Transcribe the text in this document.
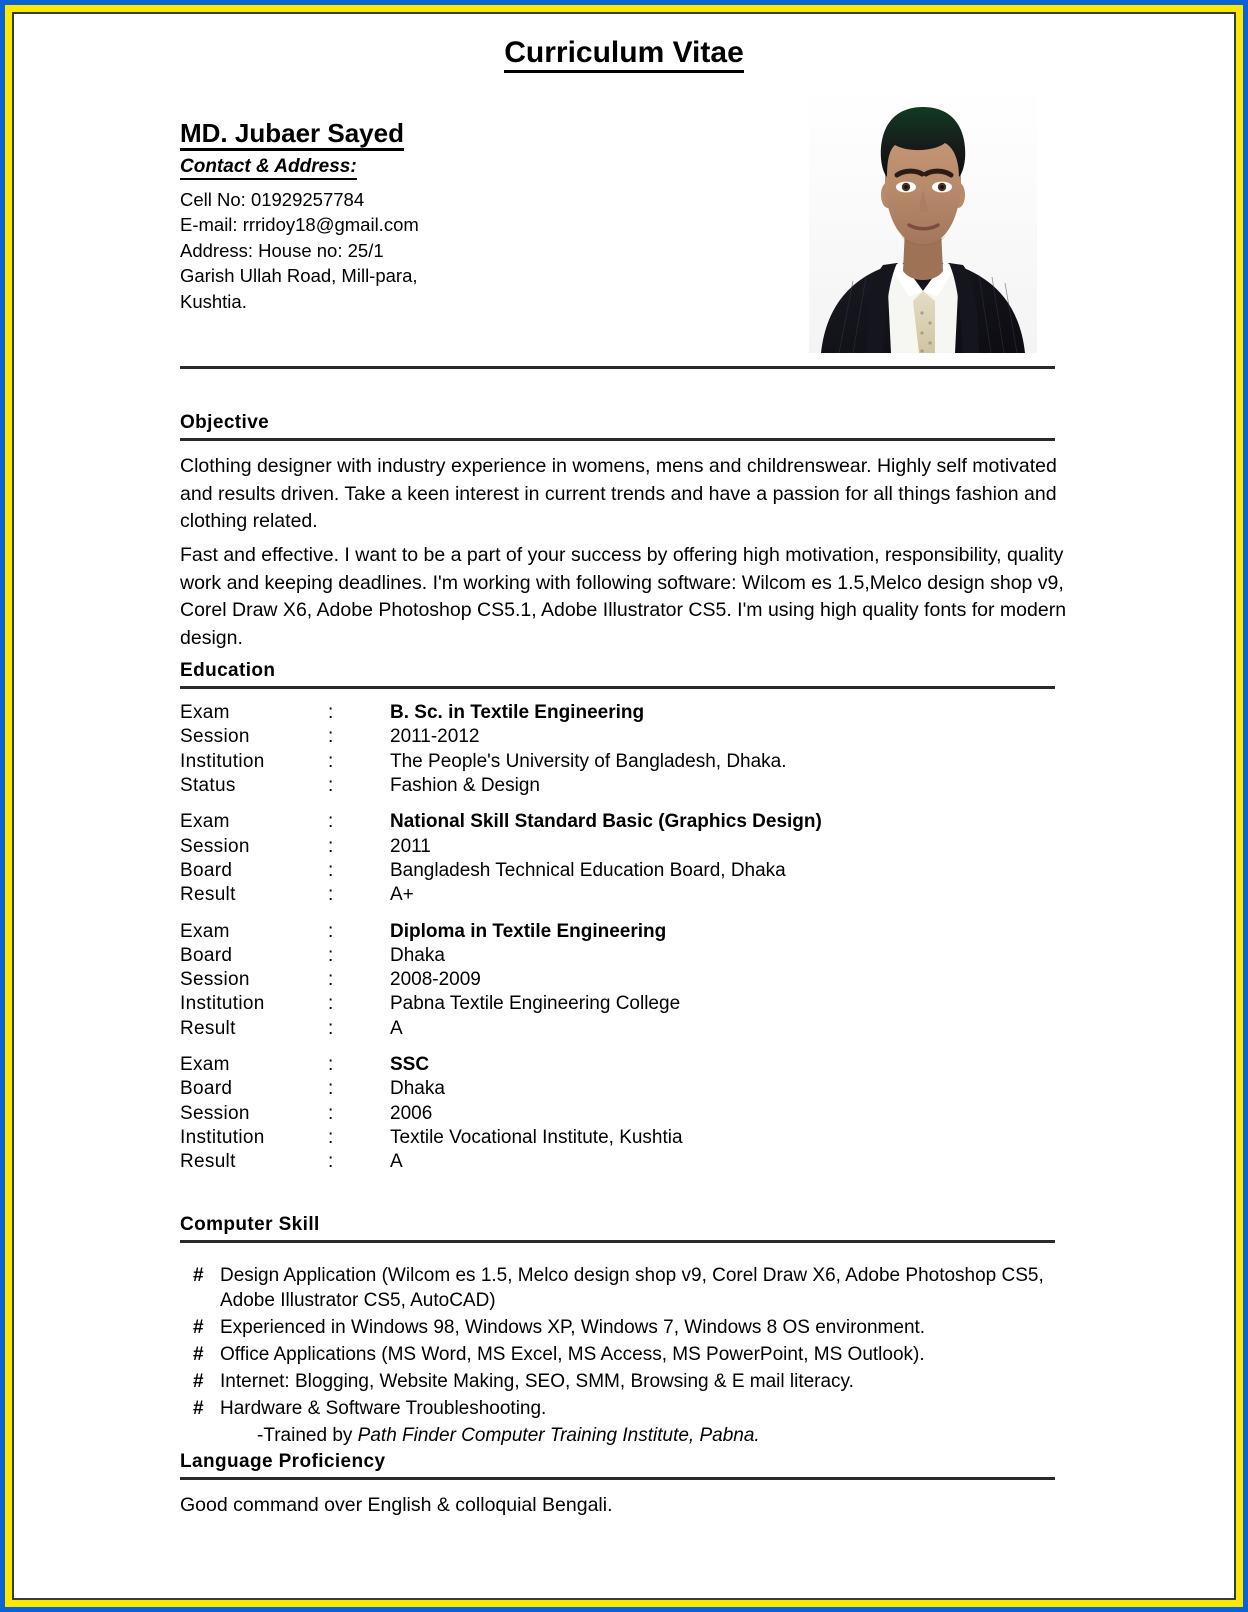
Curriculum Vitae
MD. Jubaer Sayed
Contact & Address:
Cell No: 01929257784
E-mail: rrridoy18@gmail.com
Address: House no: 25/1
Garish Ullah Road, Mill-para,
Kushtia.
Objective

Clothing designer with industry experience in womens, mens and childrenswear. Highly self motivated and results driven. Take a keen interest in current trends and have a passion for all things fashion and clothing related.

Fast and effective. I want to be a part of your success by offering high motivation, responsibility, quality work and keeping deadlines. I'm working with following software: Wilcom es 1.5,Melco design shop v9, Corel Draw X6, Adobe Photoshop CS5.1, Adobe Illustrator CS5. I'm using high quality fonts for modern design.

Education
Exam	:	B. Sc. in Textile Engineering
Session	:	2011-2012
Institution	:	The People's University of Bangladesh, Dhaka.
Status	:	Fashion & Design
Exam	:	National Skill Standard Basic (Graphics Design)
Session	:	2011
Board	:	Bangladesh Technical Education Board, Dhaka
Result	:	A+
Exam	:	Diploma in Textile Engineering
Board	:	Dhaka
Session	:	2008-2009
Institution	:	Pabna Textile Engineering College
Result	:	A
Exam	:	SSC
Board	:	Dhaka
Session	:	2006
Institution	:	Textile Vocational Institute, Kushtia
Result	:	A
Computer Skill
# Design Application (Wilcom es 1.5, Melco design shop v9, Corel Draw X6, Adobe Photoshop CS5, Adobe Illustrator CS5, AutoCAD)
# Experienced in Windows 98, Windows XP, Windows 7, Windows 8 OS environment.
# Office Applications (MS Word, MS Excel, MS Access, MS PowerPoint, MS Outlook).
# Internet: Blogging, Website Making, SEO, SMM, Browsing & E mail literacy.
# Hardware & Software Troubleshooting.
-Trained by Path Finder Computer Training Institute, Pabna.
Language Proficiency
Good command over English & colloquial Bengali.
